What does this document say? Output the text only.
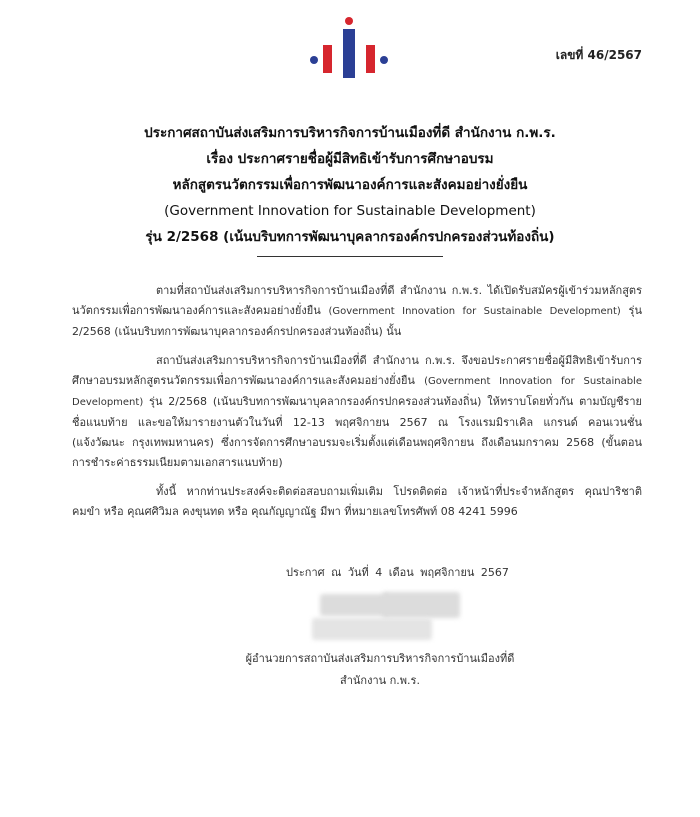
เลขที่ 46/2567
ประกาศสถาบันส่งเสริมการบริหารกิจการบ้านเมืองที่ดี สำนักงาน ก.พ.ร.
เรื่อง ประกาศรายชื่อผู้มีสิทธิเข้ารับการศึกษาอบรม
หลักสูตรนวัตกรรมเพื่อการพัฒนาองค์การและสังคมอย่างยั่งยืน
(Government Innovation for Sustainable Development)
รุ่น 2/2568 (เน้นบริบทการพัฒนาบุคลากรองค์กรปกครองส่วนท้องถิ่น)

ตามที่สถาบันส่งเสริมการบริหารกิจการบ้านเมืองที่ดี สำนักงาน ก.พ.ร. ได้เปิดรับสมัครผู้เข้าร่วมหลักสูตรนวัตกรรมเพื่อการพัฒนาองค์การและสังคมอย่างยั่งยืน (Government Innovation for Sustainable Development) รุ่น 2/2568 (เน้นบริบทการพัฒนาบุคลากรองค์กรปกครองส่วนท้องถิ่น) นั้น

สถาบันส่งเสริมการบริหารกิจการบ้านเมืองที่ดี สำนักงาน ก.พ.ร. จึงขอประกาศรายชื่อผู้มีสิทธิเข้ารับการศึกษาอบรมหลักสูตรนวัตกรรมเพื่อการพัฒนาองค์การและสังคมอย่างยั่งยืน (Government Innovation for Sustainable Development) รุ่น 2/2568 (เน้นบริบทการพัฒนาบุคลากรองค์กรปกครองส่วนท้องถิ่น) ให้ทราบโดยทั่วกัน ตามบัญชีรายชื่อแนบท้าย และขอให้มารายงานตัวในวันที่ 12-13 พฤศจิกายน 2567 ณ โรงแรมมิราเคิล แกรนด์ คอนเวนชั่น (แจ้งวัฒนะ กรุงเทพมหานคร) ซึ่งการจัดการศึกษาอบรมจะเริ่มตั้งแต่เดือนพฤศจิกายน ถึงเดือนมกราคม 2568 (ขั้นตอนการชำระค่าธรรมเนียมตามเอกสารแนบท้าย)

ทั้งนี้ หากท่านประสงค์จะติดต่อสอบถามเพิ่มเติม โปรดติดต่อ เจ้าหน้าที่ประจำหลักสูตร คุณปาริชาติ คมขำ หรือ คุณศศิวิมล คงขุนทด หรือ คุณกัญญาณัฐ มีพา ที่หมายเลขโทรศัพท์ 08 4241 5996

ประกาศ ณ วันที่ 4 เดือน พฤศจิกายน 2567
ผู้อำนวยการสถาบันส่งเสริมการบริหารกิจการบ้านเมืองที่ดี
สำนักงาน ก.พ.ร.
